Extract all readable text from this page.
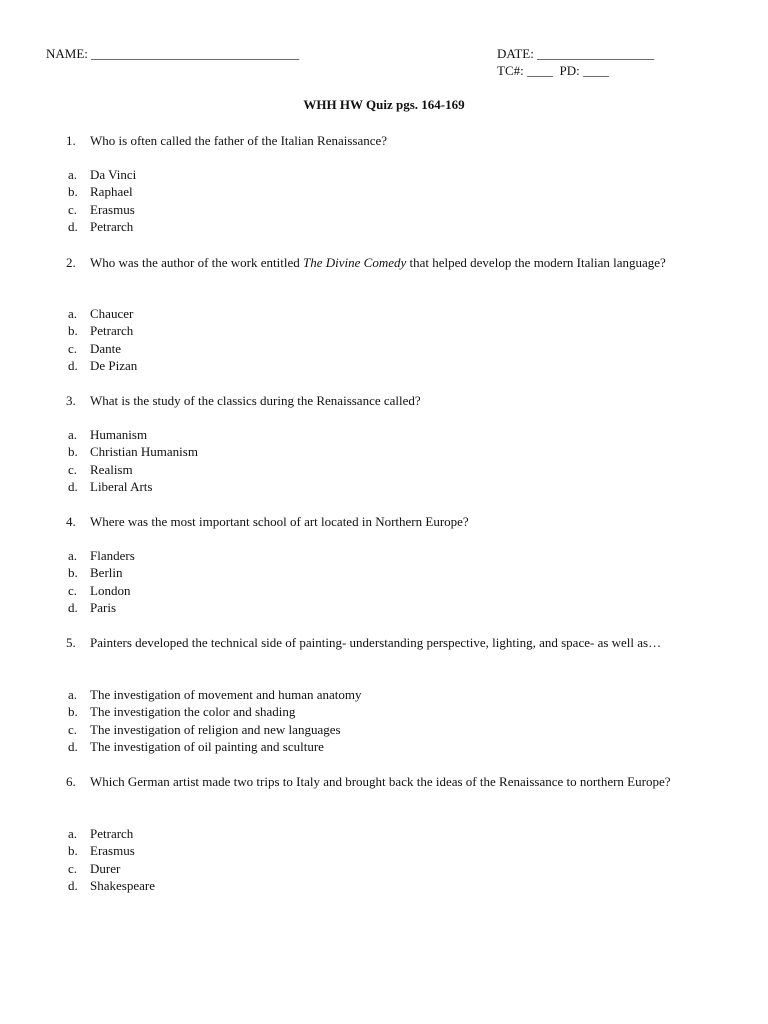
NAME: ________________________________	DATE: __________________
TC#: ____  PD: ____
WHH HW Quiz pgs. 164-169
1. Who is often called the father of the Italian Renaissance?
a. Da Vinci
b. Raphael
c. Erasmus
d. Petrarch
2. Who was the author of the work entitled The Divine Comedy that helped develop the modern Italian language?
a. Chaucer
b. Petrarch
c. Dante
d. De Pizan
3. What is the study of the classics during the Renaissance called?
a. Humanism
b. Christian Humanism
c. Realism
d. Liberal Arts
4. Where was the most important school of art located in Northern Europe?
a. Flanders
b. Berlin
c. London
d. Paris
5. Painters developed the technical side of painting- understanding perspective, lighting, and space- as well as…
a. The investigation of movement and human anatomy
b. The investigation the color and shading
c. The investigation of religion and new languages
d. The investigation of oil painting and sculture
6. Which German artist made two trips to Italy and brought back the ideas of the Renaissance to northern Europe?
a. Petrarch
b. Erasmus
c. Durer
d. Shakespeare
